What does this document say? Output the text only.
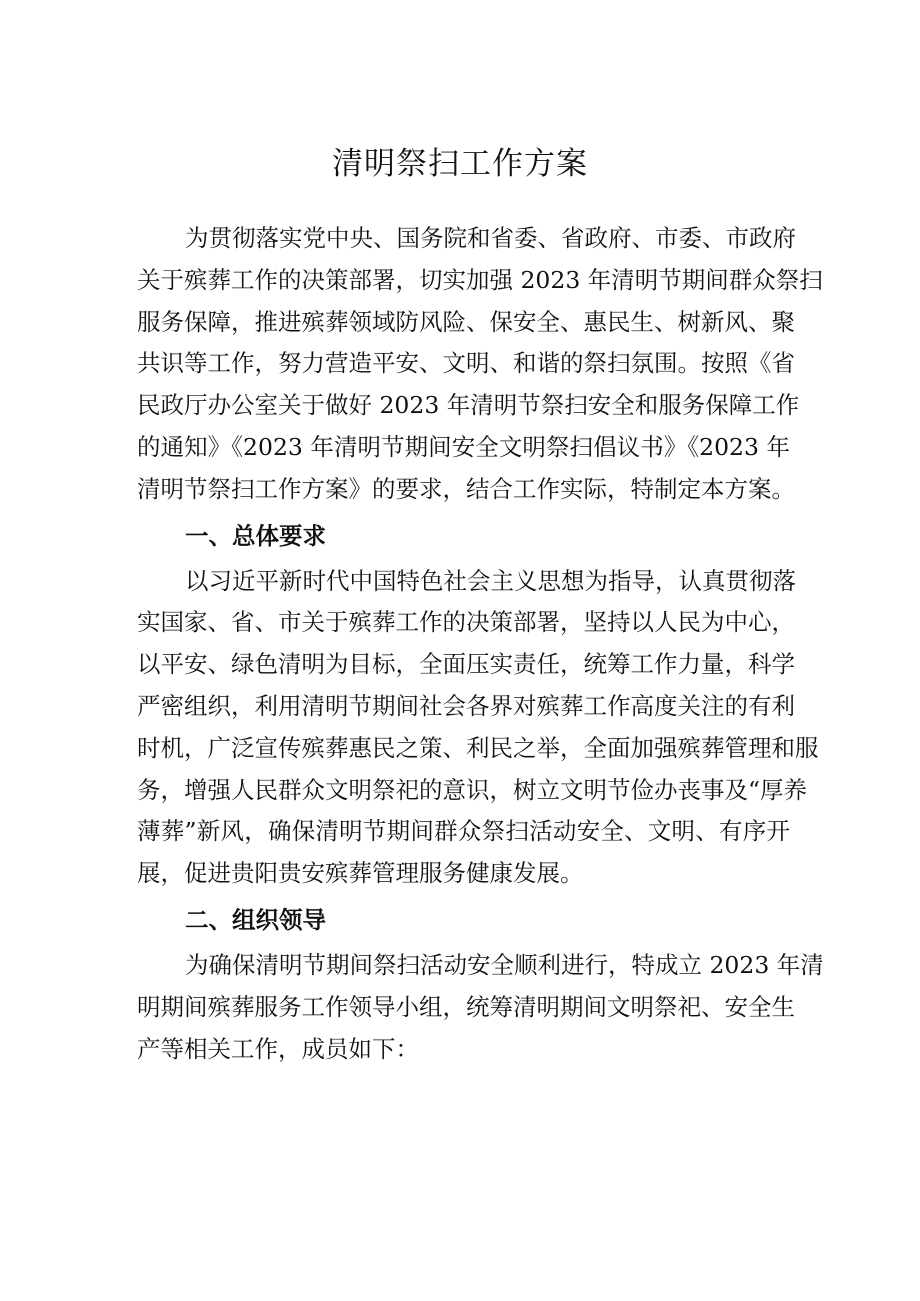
清明祭扫工作方案
为贯彻落实党中央、国务院和省委、省政府、市委、市政府
关于殡葬工作的决策部署，切实加强 2023 年清明节期间群众祭扫
服务保障，推进殡葬领域防风险、保安全、惠民生、树新风、聚
共识等工作，努力营造平安、文明、和谐的祭扫氛围。按照《省
民政厅办公室关于做好 2023 年清明节祭扫安全和服务保障工作
的通知》《2023 年清明节期间安全文明祭扫倡议书》《2023 年
清明节祭扫工作方案》的要求，结合工作实际，特制定本方案。
一、总体要求
以习近平新时代中国特色社会主义思想为指导，认真贯彻落
实国家、省、市关于殡葬工作的决策部署，坚持以人民为中心，
以平安、绿色清明为目标，全面压实责任，统筹工作力量，科学
严密组织，利用清明节期间社会各界对殡葬工作高度关注的有利
时机，广泛宣传殡葬惠民之策、利民之举，全面加强殡葬管理和服
务，增强人民群众文明祭祀的意识，树立文明节俭办丧事及“厚养
薄葬”新风，确保清明节期间群众祭扫活动安全、文明、有序开
展，促进贵阳贵安殡葬管理服务健康发展。
二、组织领导
为确保清明节期间祭扫活动安全顺利进行，特成立 2023 年清
明期间殡葬服务工作领导小组，统筹清明期间文明祭祀、安全生
产等相关工作，成员如下：
